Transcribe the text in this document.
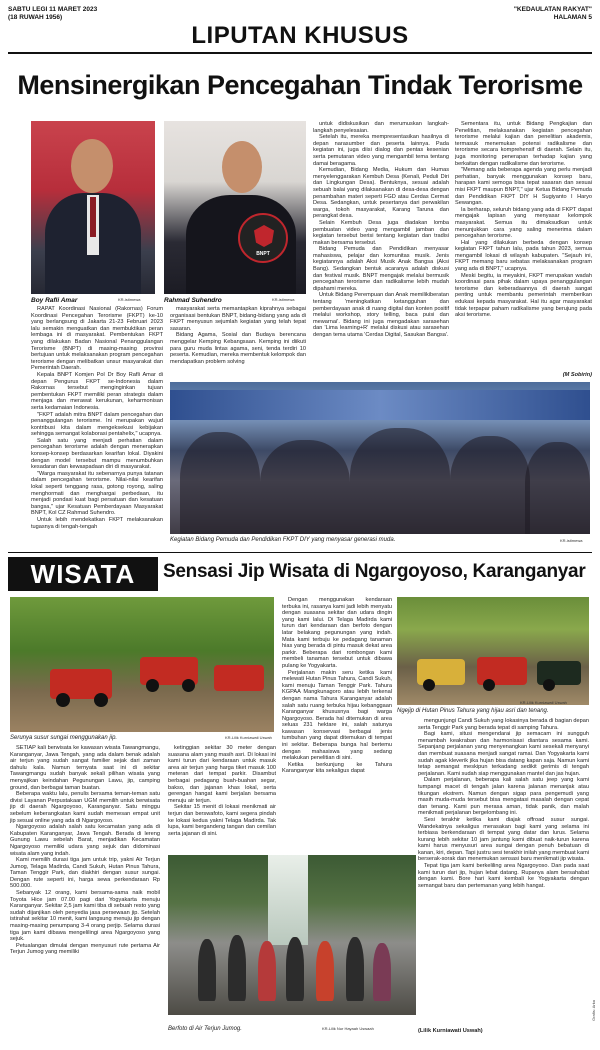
SABTU LEGI 11 MARET 2023
(18 RUWAH 1956)
LIPUTAN KHUSUS
"KEDAULATAN RAKYAT"
HALAMAN 5
Mensinergikan Pencegahan Tindak Terorisme
Boy Rafli Amar	KR-istimewa
BNPT
Rahmad Suhendro	KR-istimewa

RAPAT Koordinasi Nasional (Rakornas) Forum Koordinasi Pencegahan Terorisme (FKPT) ke-10 yang berlangsung di Jakarta 21-23 Februari 2023 lalu semakin menguatkan dan membuktikan peran lembaga ini di masyarakat. Pembentukan FKPT yang dilakukan Badan Nasional Penanggulangan Terorisme (BNPT) di masing-masing provinsi bertujuan untuk melaksanakan program pencegahan terorisme dengan melibatkan unsur masyarakat dan Pemerintah Daerah.

Kepala BNPT Komjen Pol Dr Boy Rafli Amar di depan Pengurus FKPT se-Indonesia dalam Rakornas tersebut menginginkan tujuan pembentukan FKPT memiliki peran strategis dalam menjaga dan merawat kerukunan, keharmonisan serta kedamaian Indonesia.

"FKPT adalah mitra BNPT dalam pencegahan dan penanggulangan terorisme. Ini merupakan wujud kontribusi kita dalam mengeksekusi kebijakan sehingga semangat kolaborasi pentahelix," ucapnya.

Salah satu yang menjadi perhatian dalam pencegahan terorisme adalah dengan menerapkan konsep-konsep berdasarkan kearifan lokal. Diyakini dengan model tersebut mampu menumbuhkan kesadaran dan kewaspadaan diri di masyarakat.

"Warga masyarakat itu sebenarnya punya tatanan dalam pencegahan terorisme. Nilai-nilai kearifan lokal seperti tenggang rasa, gotong royong, saling menghormati dan menghargai perbedaan, itu menjadi pondasi kuat bagi persatuan dan kesatuan bangsa," ujar Kesatuan Pemberdayaan Masyarakat BNPT, Kol CZ Rahmad Suhendro.

Untuk lebih mendekatkan FKPT melaksanakan tugasnya di tengah-tengah

masyarakat serta memantapkan kiprahnya sebagai organisasi bentukan BNPT, bidang-bidang yang ada di FKPT menyusun sejumlah kegiatan yang telah tepat sasaran.

Bidang Agama, Sosial dan Budaya berencana menggelar Kemping Kebangsaan. Kemping ini diikuti para guru muda lintas agama, seni, tenda terdiri 10 peserta. Kemudian, mereka membentuk kelompok dan mendapatkan problem solving

untuk didiskusikan dan merumuskan langkah-langkah penyelesaian.

Setelah itu, mereka mempresentasikan hasilnya di depan narasumber dan peserta lainnya. Pada kegiatan ini, juga diisi dialog dan pentas kesenian serta pemutaran video yang mengambil tema tentang damai beragama.

Kemudian, Bidang Media, Hukum dan Humas menyelenggarakan Kembuh Desa (Kenali, Peduli Diri dan Lingkungan Desa). Bentuknya, sesuai adalah sebuah balai yang dilaksanakan di desa-desa dengan penambahan materi seperti FGD atau Cerdas Cermat Desa. Sedangkan, untuk pesertanya dari perwakilan warga, tokoh masyarakat, Karang Taruna dan perangkat desa.

Selain Kembuh Desa juga diadakan lomba pembuatan video yang mengambil jamban dan kegiatan tersebut berisi tentang kegiatan dan tradisi makan bersama tersebut.

Bidang Pemuda dan Pendidikan menyasar mahasiswa, pelajar dan komunitas musik. Jenis kegiatannya adalah Aksi Musik Anak Bangsa (Aksi Bang). Sedangkan bentuk acaranya adalah diskusi dan festival musik. BNPT mengajak melalui bermusik pencegahan terorisme dan radikalisme lebih mudah dipahami mereka.

Untuk Bidang Perempuan dan Anak memilikiberatan tentang 'meningkatkan ketangguhan dan pemberdayaan anak di ruang digital dan konten positif melalui workshop, story telling, baca puisi dan mewarnai'. Bidang ini juga mengadakan sarasehan dan 'Lima learning+R' melalui diskusi atau sarasehan dengan tema utama 'Cerdas Digital, Sasukan Bangsa'.

Sementara itu, untuk Bidang Pengkajian dan Penelitian, melaksanakan kegiatan pencegahan terorisme melalui kajian dan penelitian akademis, termasuk menemukan potensi radikalisme dan terorisme secara komprehensif di daerah. Selain itu, juga monitoring penerapan terhadap kajian yang berkaitan dengan radikalisme dan terorisme.

"Memang ada beberapa agenda yang perlu menjadi perhatian, banyak menggunakan konsep baru, harapan kami semoga bisa tepat sasaran dan sesuai misi FKPT maupun BNPT," ujar Ketua Bidang Pemuda dan Pendidikan FKPT DIY H Sugiyanto I Haryo Sewangan.

Ia berharap, seluruh bidang yang ada di FKPT dapat mengajak lapisan yang menyasar kelompok masyarakat. Semua itu dimaksudkan untuk menunjukkan cara yang saling menerima dalam pencegahan terorisme.

Hal yang dilakukan berbeda dengan konsep kegiatan FKPT tahun lalu, pada tahun 2023, semua mengambil lokasi di wilayah kabupaten. "Sejauh ini, FKPT memang baru sebatas melaksanakan program yang ada di BNPT," ucapnya.

Meski begitu, ia meyakini, FKPT merupakan wadah koordinasi para pihak dalam upaya penanggulangan terorisme dan keberadaannya di daerah sangat penting untuk membantu pemerintah memberikan edukasi kepada masyarakat. Hal itu agar masyarakat tidak terpapar paham radikalisme yang berujung pada aksi terorisme.

(M Sobirin)
Kegiatan Bidang Pemuda dan Pendidikan FKPT DIY yang menyasar generasi muda.	KR-istimewa
WISATA	Sensasi Jip Wisata di Ngargoyoso, Karanganyar
Serunya susur sungai menggunakan jip.	KR-Lilik Kurniawati Uswah

Dengan menggunakan kendaraan terbuka ini, rasanya kami jadi lebih menyatu dengan suasana sekitar dan udara dingin yang kami lalui. Di Telaga Madirda kami turun dari kendaraan dan berfoto dengan latar belakang pegunungan yang indah. Mata kami terbuju ke pedagang tanaman hias yang berada di pintu masuk dekat area parkir. Beberapa dari rombongan kami membeli tanaman tersebut untuk dibawa pulang ke Yogyakarta.

Perjalanan makin seru ketika kami melewati Hutan Pinus Tahura, Candi Sukuh, kami menuju Taman Tenggir Park. Tahura KGPAA Mangkunagoro atau lebih terkenal dengan nama Tahura Karanganyar adalah salah satu ruang terbuka hijau kebanggaan Karanganyar khususnya bagi warga Ngargoyoso. Berada hal ditemukan di area seluas 231 hektare ini, salah satunya kawasan konservasi berbagai jenis tumbuhan yang dapat ditemukan di tempat ini sekitar. Beberapa bunga hal bertemu dengan mahasiswa yang sedang melakukan penelitian di sini.

Ketika berkunjung ke Tahura Karanganyar kita sekaligus dapat

Ngejip di Hutan Pinus Tahura yang hijau asri dan tenang.
KR-Lilik Kurniawati Uswah

SETIAP kali berwisata ke kawasan wisata Tawangmangu, Karanganyar, Jawa Tengah, yang ada dalam benak adalah air terjun yang sudah sangat familier sejak dari zaman dahulu kala. Namun ternyata saat ini di sekitar Tawangmangu sudah banyak sekali pilihan wisata yang menyajikan keindahan Pegunungan Lawu, jip, camping ground, dan berbagai taman buatan.

Beberapa waktu lalu, penulis bersama teman-teman satu divisi Layanan Perpustakaan UGM memilih untuk berwisata jip di daerah Ngargoyoso, Karanganyar. Satu minggu sebelum keberangkatan kami sudah memesan empat unit jip sesuai online yang ada di Ngargoyoso.

Ngargoyoso adalah salah satu kecamatan yang ada di Kabupaten Karanganyar, Jawa Tengah. Berada di lereng Gunung Lawu sebelah Barat, menjadikan Kecamatan Ngargoyoso memiliki udara yang sejuk dan didominasi wisata alam yang indah.

Kami memilih durasi tiga jam untuk trip, yakni Air Terjun Jumog, Telaga Madirda, Candi Sukuh, Hutan Pinus Tahura, Taman Tenggir Park, dan diakhiri dengan susur sungai. Dengan rute seperti ini, harga sewa perkendaraan Rp 500.000.

Sebanyak 12 orang, kami bersama-sama naik mobil Toyota Hice jam 07.00 pagi dari Yogyakarta menuju Karanganyar. Sekitar 2,5 jam kami tiba di sebuah resto yang sudah dijanjikan oleh penyedia jasa persewaan jip. Setelah istirahat sekitar 10 menit, kami langsung menuju jip dengan masing-masing penumpang 3-4 orang perjip. Selama durasi tiga jam kami dibawa mengelilingi area Ngargoyoso yang sejuk.

Petualangan dimulai dengan menyusuri rute pertama Air Terjun Jumog yang memiliki

ketinggian sekitar 30 meter dengan suasana alam yang masih asri. Di lokasi ini kami turun dari kendaraan untuk masuk area air terjun yang harga tiket masuk 100 meteran dari tempat parkir. Disambut berbagai pedagang buah-buahan segar, bakso, dan jajanan khas lokal, serta gerengan hangat kami berjalan bersama menuju air terjun.

Sekitar 15 menit di lokasi menikmati air terjun dan berswafoto, kami segera pindah ke lokasi kedua yakni Telaga Madirda. Tak lupa, kami bergandeng tangan dan cemilan serta jajanan di sini.

Berfoto di Air Terjun Jumog.	KR-Lilik Nur Hayaah Uswaah

mengunjungi Candi Sukuh yang lokasinya berada di bagian depan serta Tenggir Park yang berada tepat di samping Tahura.

Bagi kami, situsi mengendarai jip semacam ini sungguh menambah keakraban dan harmonisasi diantara sesama kami. Sepanjang perjalanan yang menyenangkan kami sesekali menyanyi dan membuat suasana menjadi sangat ramai. Dan Yogyakarta kami sudah agak kleverik jika hujan bisa datang kapan saja. Namun kami tetap semangat meskipun terkadang sedikit gerimis di tengah perjalanan. Kami sudah siap menggunakan mantel dan jas hujan.

Dalam perjalanan, beberapa kali salah satu jeep yang kami tumpangi macet di tengah jalan karena jalanan menanjak atau tikungan ekstrem. Namun dengan sigap para pengemudi yang masih muda-muda tersebut bisa mengatasi masalah dengan cepat dan tenang. Kami pun merasa aman, tidak panik, dan malah menikmati perjalanan bergelombang ini.

Sesi terakhir ketika kami diajak offroad susur sungai. Wandekatnya sekaligus merasakan bagi kami yang selama ini terbiasa berkendaraan di tempat yang datar dan lurus. Selama kurang lebih sekitar 10 jam jantung kami dibuat naik-turun karena kami harus menyusuri area sungai dengan penuh bebatuan di kanan, kiri, depan. Tapi justru sesi terakhir inilah yang membuat kami berserak-sorak dan menemukan sensasi baru menikmati jip wisata.

Tepat tiga jam kami berkeliling area Ngargoyoso. Dan pada saat kami turun dari jip, hujan lebat datang. Rupanya alam bersahabat dengan kami. Bore hari kami kembali ke Yogyakarta dengan semangat baru dan pertemanan yang lebih hangat.

(Lilik Kurniawati Uswah)
Grafis: Arka
